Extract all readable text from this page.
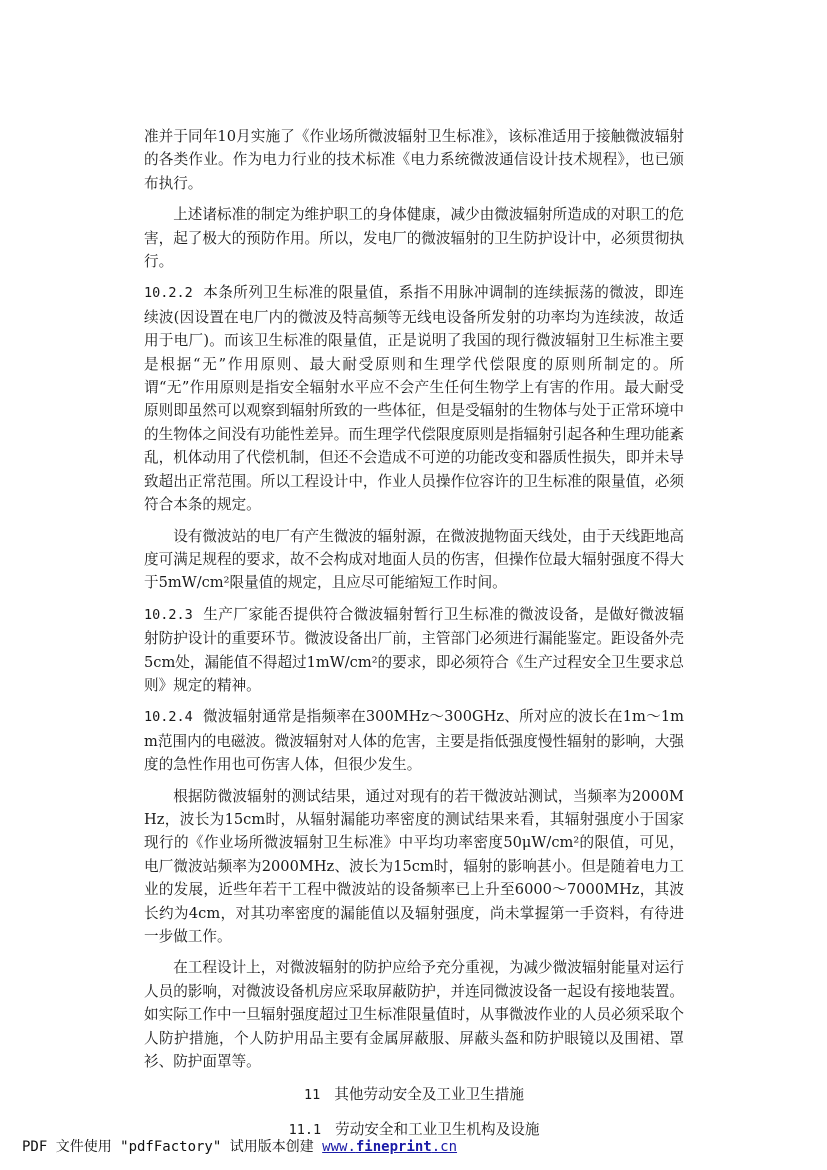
准并于同年10月实施了《作业场所微波辐射卫生标准》，该标准适用于接触微波辐射的各类作业。作为电力行业的技术标准《电力系统微波通信设计技术规程》，也已颁布执行。

上述诸标准的制定为维护职工的身体健康，减少由微波辐射所造成的对职工的危害，起了极大的预防作用。所以，发电厂的微波辐射的卫生防护设计中，必须贯彻执行。

10.2.2 本条所列卫生标准的限量值，系指不用脉冲调制的连续振荡的微波，即连续波(因设置在电厂内的微波及特高频等无线电设备所发射的功率均为连续波，故适用于电厂)。而该卫生标准的限量值，正是说明了我国的现行微波辐射卫生标准主要是根据“无”作用原则、最大耐受原则和生理学代偿限度的原则所制定的。所谓“无”作用原则是指安全辐射水平应不会产生任何生物学上有害的作用。最大耐受原则即虽然可以观察到辐射所致的一些体征，但是受辐射的生物体与处于正常环境中的生物体之间没有功能性差异。而生理学代偿限度原则是指辐射引起各种生理功能紊乱，机体动用了代偿机制，但还不会造成不可逆的功能改变和器质性损失，即并未导致超出正常范围。所以工程设计中，作业人员操作位容许的卫生标准的限量值，必须符合本条的规定。

设有微波站的电厂有产生微波的辐射源，在微波抛物面天线处，由于天线距地高度可满足规程的要求，故不会构成对地面人员的伤害，但操作位最大辐射强度不得大于5mW/cm²限量值的规定，且应尽可能缩短工作时间。

10.2.3 生产厂家能否提供符合微波辐射暂行卫生标准的微波设备，是做好微波辐射防护设计的重要环节。微波设备出厂前，主管部门必须进行漏能鉴定。距设备外壳5cm处，漏能值不得超过1mW/cm²的要求，即必须符合《生产过程安全卫生要求总则》规定的精神。

10.2.4 微波辐射通常是指频率在300MHz～300GHz、所对应的波长在1m～1mm范围内的电磁波。微波辐射对人体的危害，主要是指低强度慢性辐射的影响，大强度的急性作用也可伤害人体，但很少发生。

根据防微波辐射的测试结果，通过对现有的若干微波站测试，当频率为2000MHz，波长为15cm时，从辐射漏能功率密度的测试结果来看，其辐射强度小于国家现行的《作业场所微波辐射卫生标准》中平均功率密度50μW/cm²的限值，可见，电厂微波站频率为2000MHz、波长为15cm时，辐射的影响甚小。但是随着电力工业的发展，近些年若干工程中微波站的设备频率已上升至6000～7000MHz，其波长约为4cm，对其功率密度的漏能值以及辐射强度，尚未掌握第一手资料，有待进一步做工作。

在工程设计上，对微波辐射的防护应给予充分重视，为减少微波辐射能量对运行人员的影响，对微波设备机房应采取屏蔽防护，并连同微波设备一起设有接地装置。如实际工作中一旦辐射强度超过卫生标准限量值时，从事微波作业的人员必须采取个人防护措施，个人防护用品主要有金属屏蔽服、屏蔽头盔和防护眼镜以及围裙、罩衫、防护面罩等。

11 其他劳动安全及工业卫生措施
11.1 劳动安全和工业卫生机构及设施
PDF 文件使用 "pdfFactory" 试用版本创建 www.fineprint.cn
